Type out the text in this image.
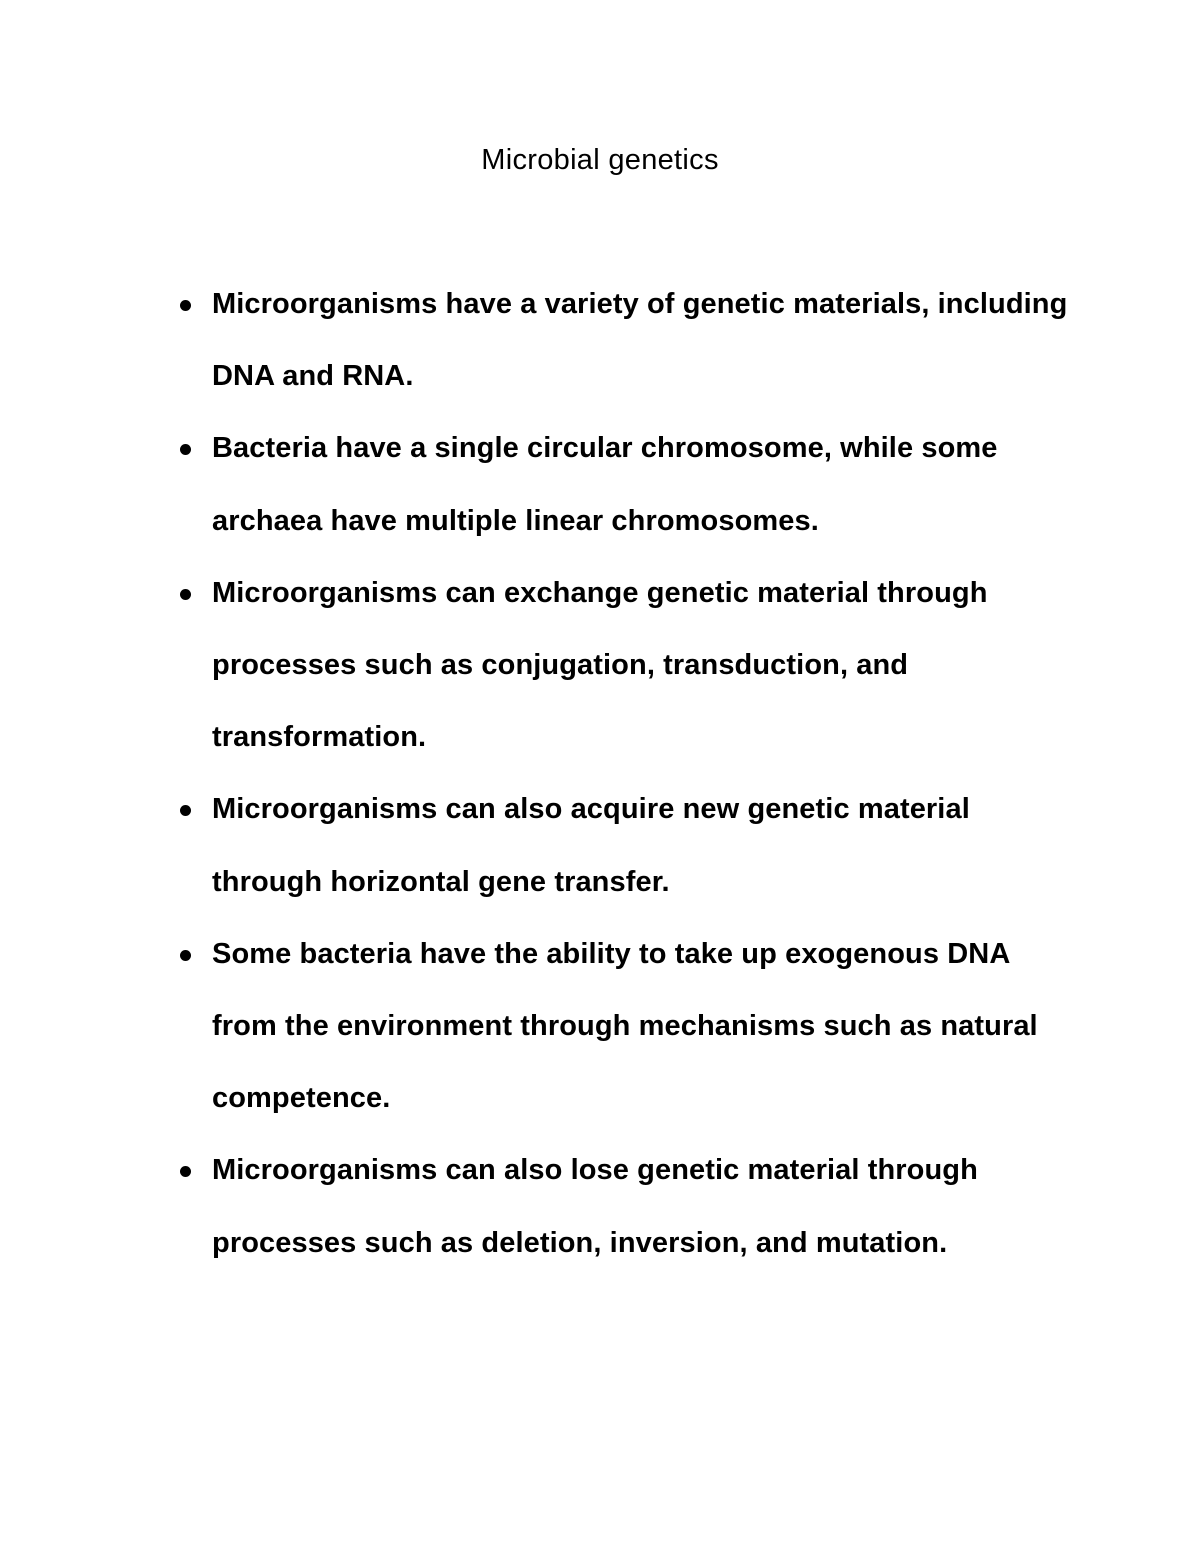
Microbial genetics
Microorganisms have a variety of genetic materials, including DNA and RNA.
Bacteria have a single circular chromosome, while some archaea have multiple linear chromosomes.
Microorganisms can exchange genetic material through processes such as conjugation, transduction, and transformation.
Microorganisms can also acquire new genetic material through horizontal gene transfer.
Some bacteria have the ability to take up exogenous DNA from the environment through mechanisms such as natural competence.
Microorganisms can also lose genetic material through processes such as deletion, inversion, and mutation.
